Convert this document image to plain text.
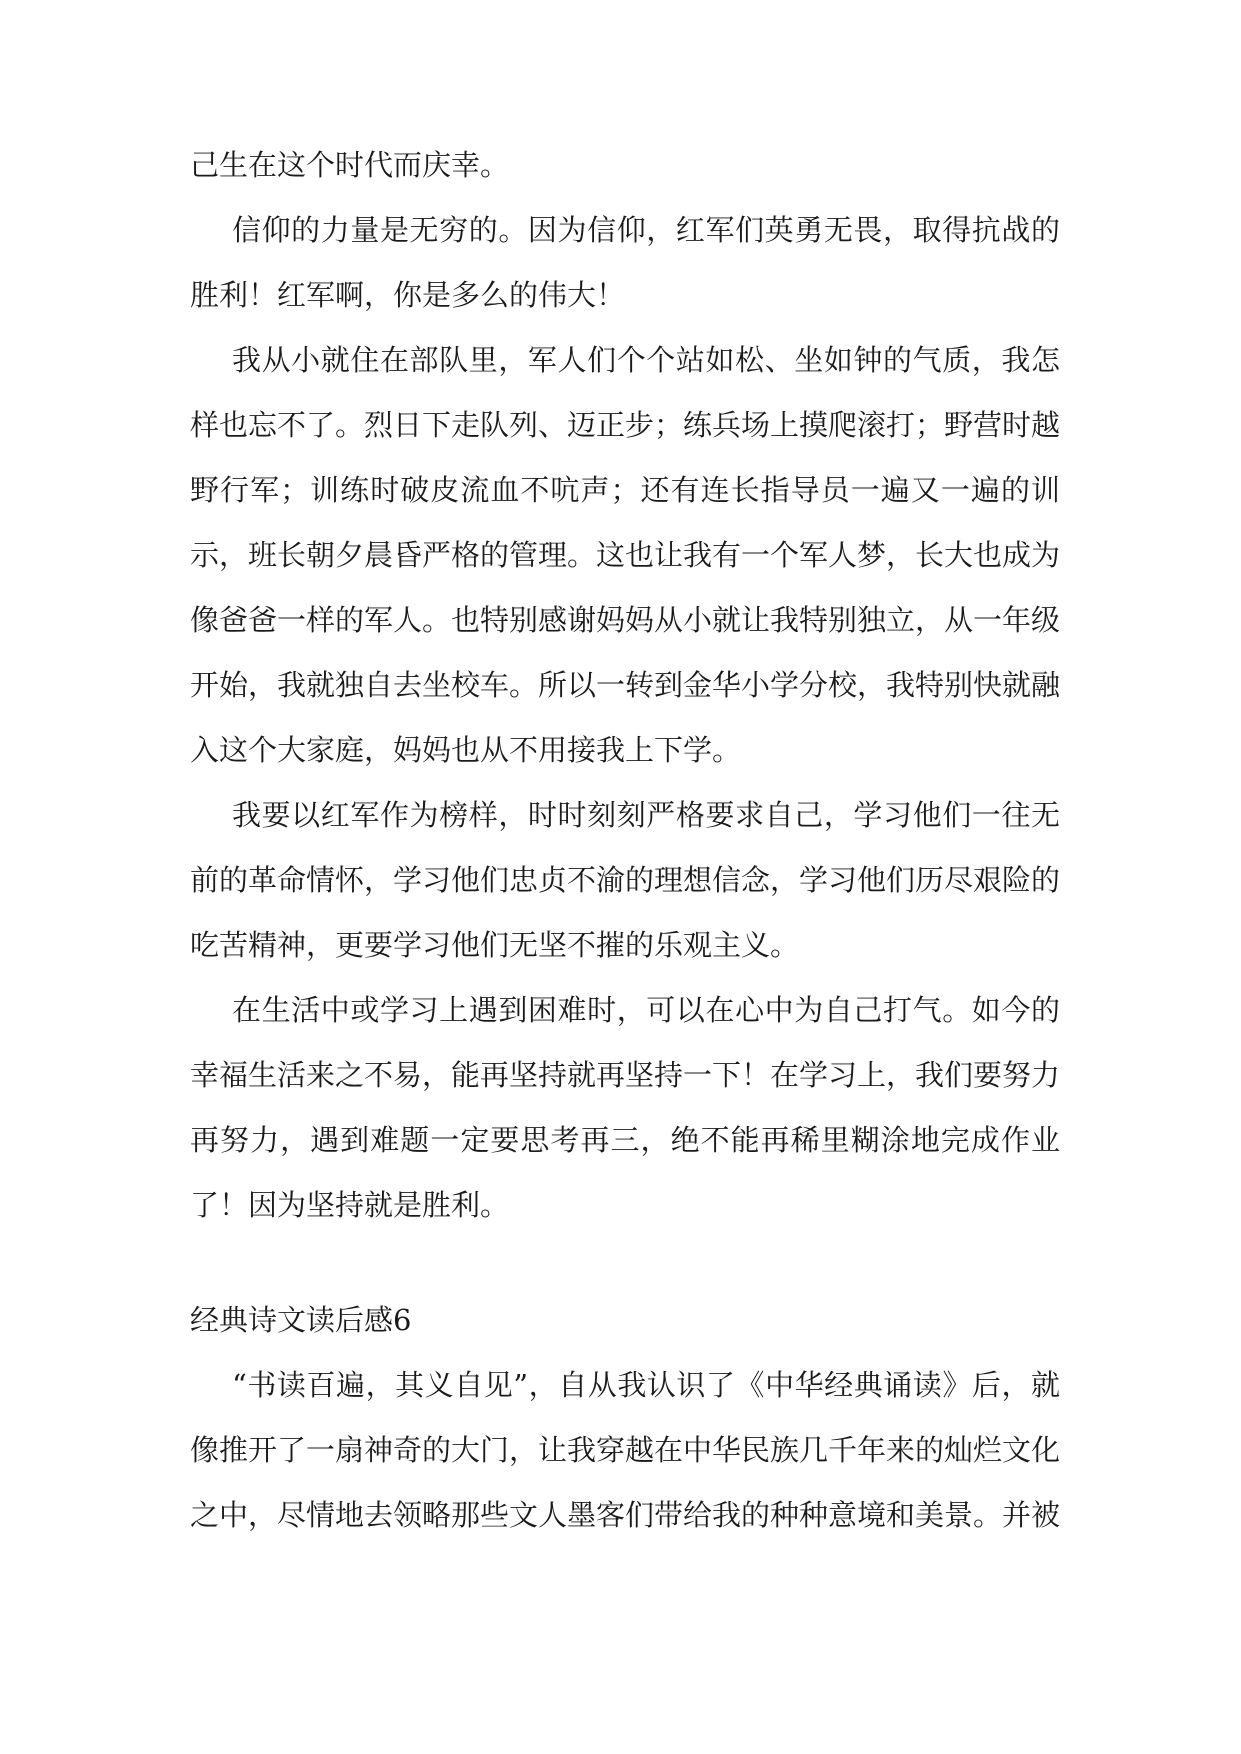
己生在这个时代而庆幸。

信仰的力量是无穷的。因为信仰，红军们英勇无畏，取得抗战的胜利！红军啊，你是多么的伟大！

我从小就住在部队里，军人们个个站如松、坐如钟的气质，我怎样也忘不了。烈日下走队列、迈正步；练兵场上摸爬滚打；野营时越野行军；训练时破皮流血不吭声；还有连长指导员一遍又一遍的训示，班长朝夕晨昏严格的管理。这也让我有一个军人梦，长大也成为像爸爸一样的军人。也特别感谢妈妈从小就让我特别独立，从一年级开始，我就独自去坐校车。所以一转到金华小学分校，我特别快就融入这个大家庭，妈妈也从不用接我上下学。

我要以红军作为榜样，时时刻刻严格要求自己，学习他们一往无前的革命情怀，学习他们忠贞不渝的理想信念，学习他们历尽艰险的吃苦精神，更要学习他们无坚不摧的乐观主义。

在生活中或学习上遇到困难时，可以在心中为自己打气。如今的幸福生活来之不易，能再坚持就再坚持一下！在学习上，我们要努力再努力，遇到难题一定要思考再三，绝不能再稀里糊涂地完成作业了！因为坚持就是胜利。

经典诗文读后感6

“书读百遍，其义自见”，自从我认识了《中华经典诵读》后，就像推开了一扇神奇的大门，让我穿越在中华民族几千年来的灿烂文化之中，尽情地去领略那些文人墨客们带给我的种种意境和美景。并被
